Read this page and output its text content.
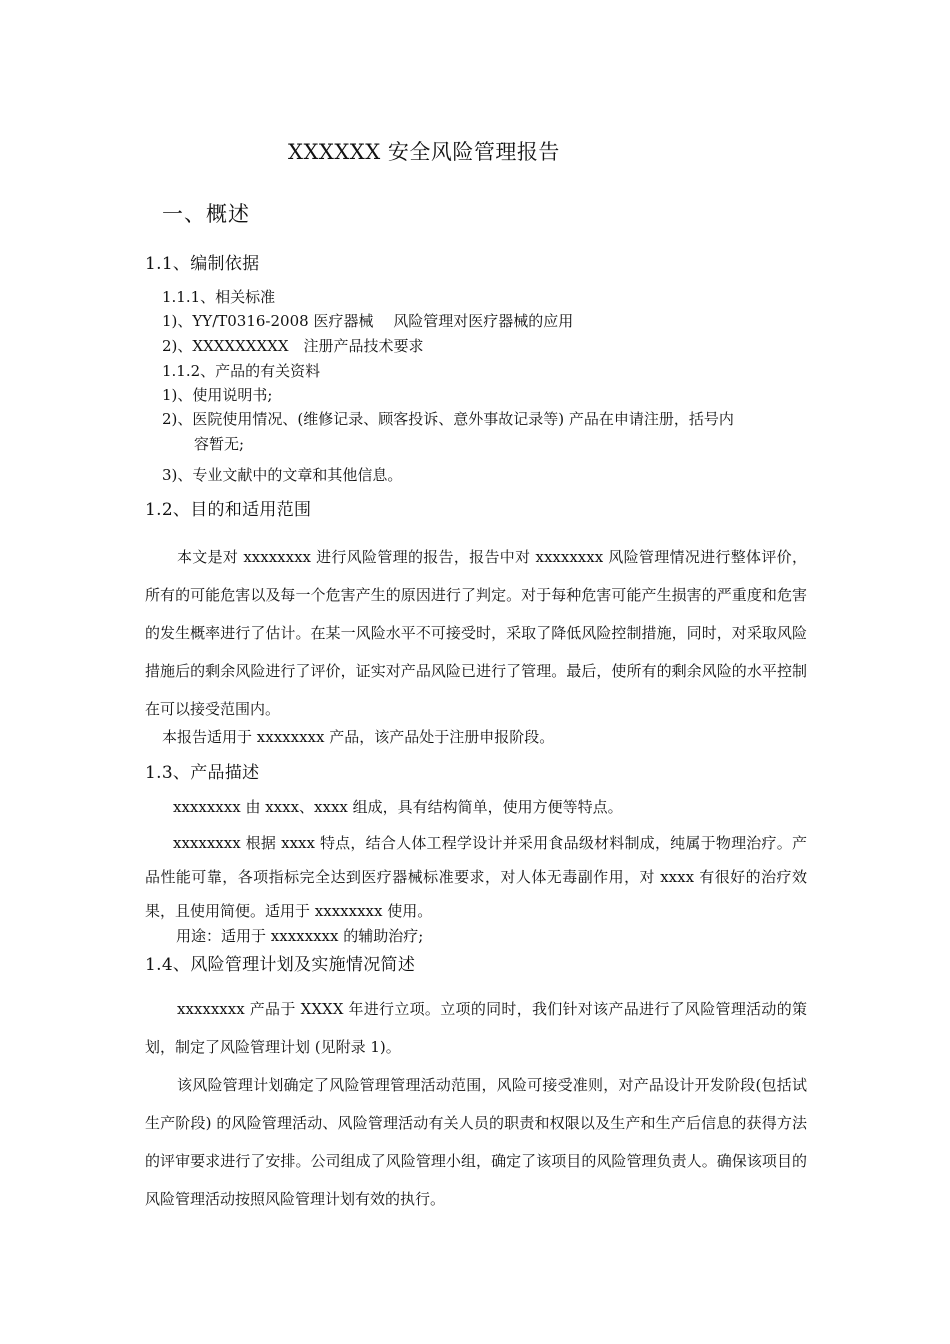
XXXXXX 安全风险管理报告
一、概述
1.1、编制依据
1.1.1、相关标准
1)、YY/T0316-2008 医疗器械　 风险管理对医疗器械的应用
2)、XXXXXXXXX　注册产品技术要求
1.1.2、产品的有关资料
1)、使用说明书;
2)、医院使用情况、(维修记录、顾客投诉、意外事故记录等) 产品在申请注册，括号内
容暂无;
3)、专业文献中的文章和其他信息。
1.2、目的和适用范围
本文是对 xxxxxxxx 进行风险管理的报告，报告中对 xxxxxxxx 风险管理情况进行整体评价，所有的可能危害以及每一个危害产生的原因进行了判定。对于每种危害可能产生损害的严重度和危害的发生概率进行了估计。在某一风险水平不可接受时，采取了降低风险控制措施，同时，对采取风险措施后的剩余风险进行了评价，证实对产品风险已进行了管理。最后，使所有的剩余风险的水平控制在可以接受范围内。
本报告适用于 xxxxxxxx 产品，该产品处于注册申报阶段。
1.3、产品描述
xxxxxxxx 由 xxxx、xxxx 组成，具有结构简单，使用方便等特点。
xxxxxxxx 根据 xxxx 特点，结合人体工程学设计并采用食品级材料制成，纯属于物理治疗。产品性能可靠，各项指标完全达到医疗器械标准要求，对人体无毒副作用，对 xxxx 有很好的治疗效果，且使用简便。适用于 xxxxxxxx 使用。
用途：适用于 xxxxxxxx 的辅助治疗;
1.4、风险管理计划及实施情况简述
xxxxxxxx 产品于 XXXX 年进行立项。立项的同时，我们针对该产品进行了风险管理活动的策划，制定了风险管理计划 (见附录 1)。
该风险管理计划确定了风险管理管理活动范围，风险可接受准则，对产品设计开发阶段(包括试生产阶段) 的风险管理活动、风险管理活动有关人员的职责和权限以及生产和生产后信息的获得方法的评审要求进行了安排。公司组成了风险管理小组，确定了该项目的风险管理负责人。确保该项目的风险管理活动按照风险管理计划有效的执行。
